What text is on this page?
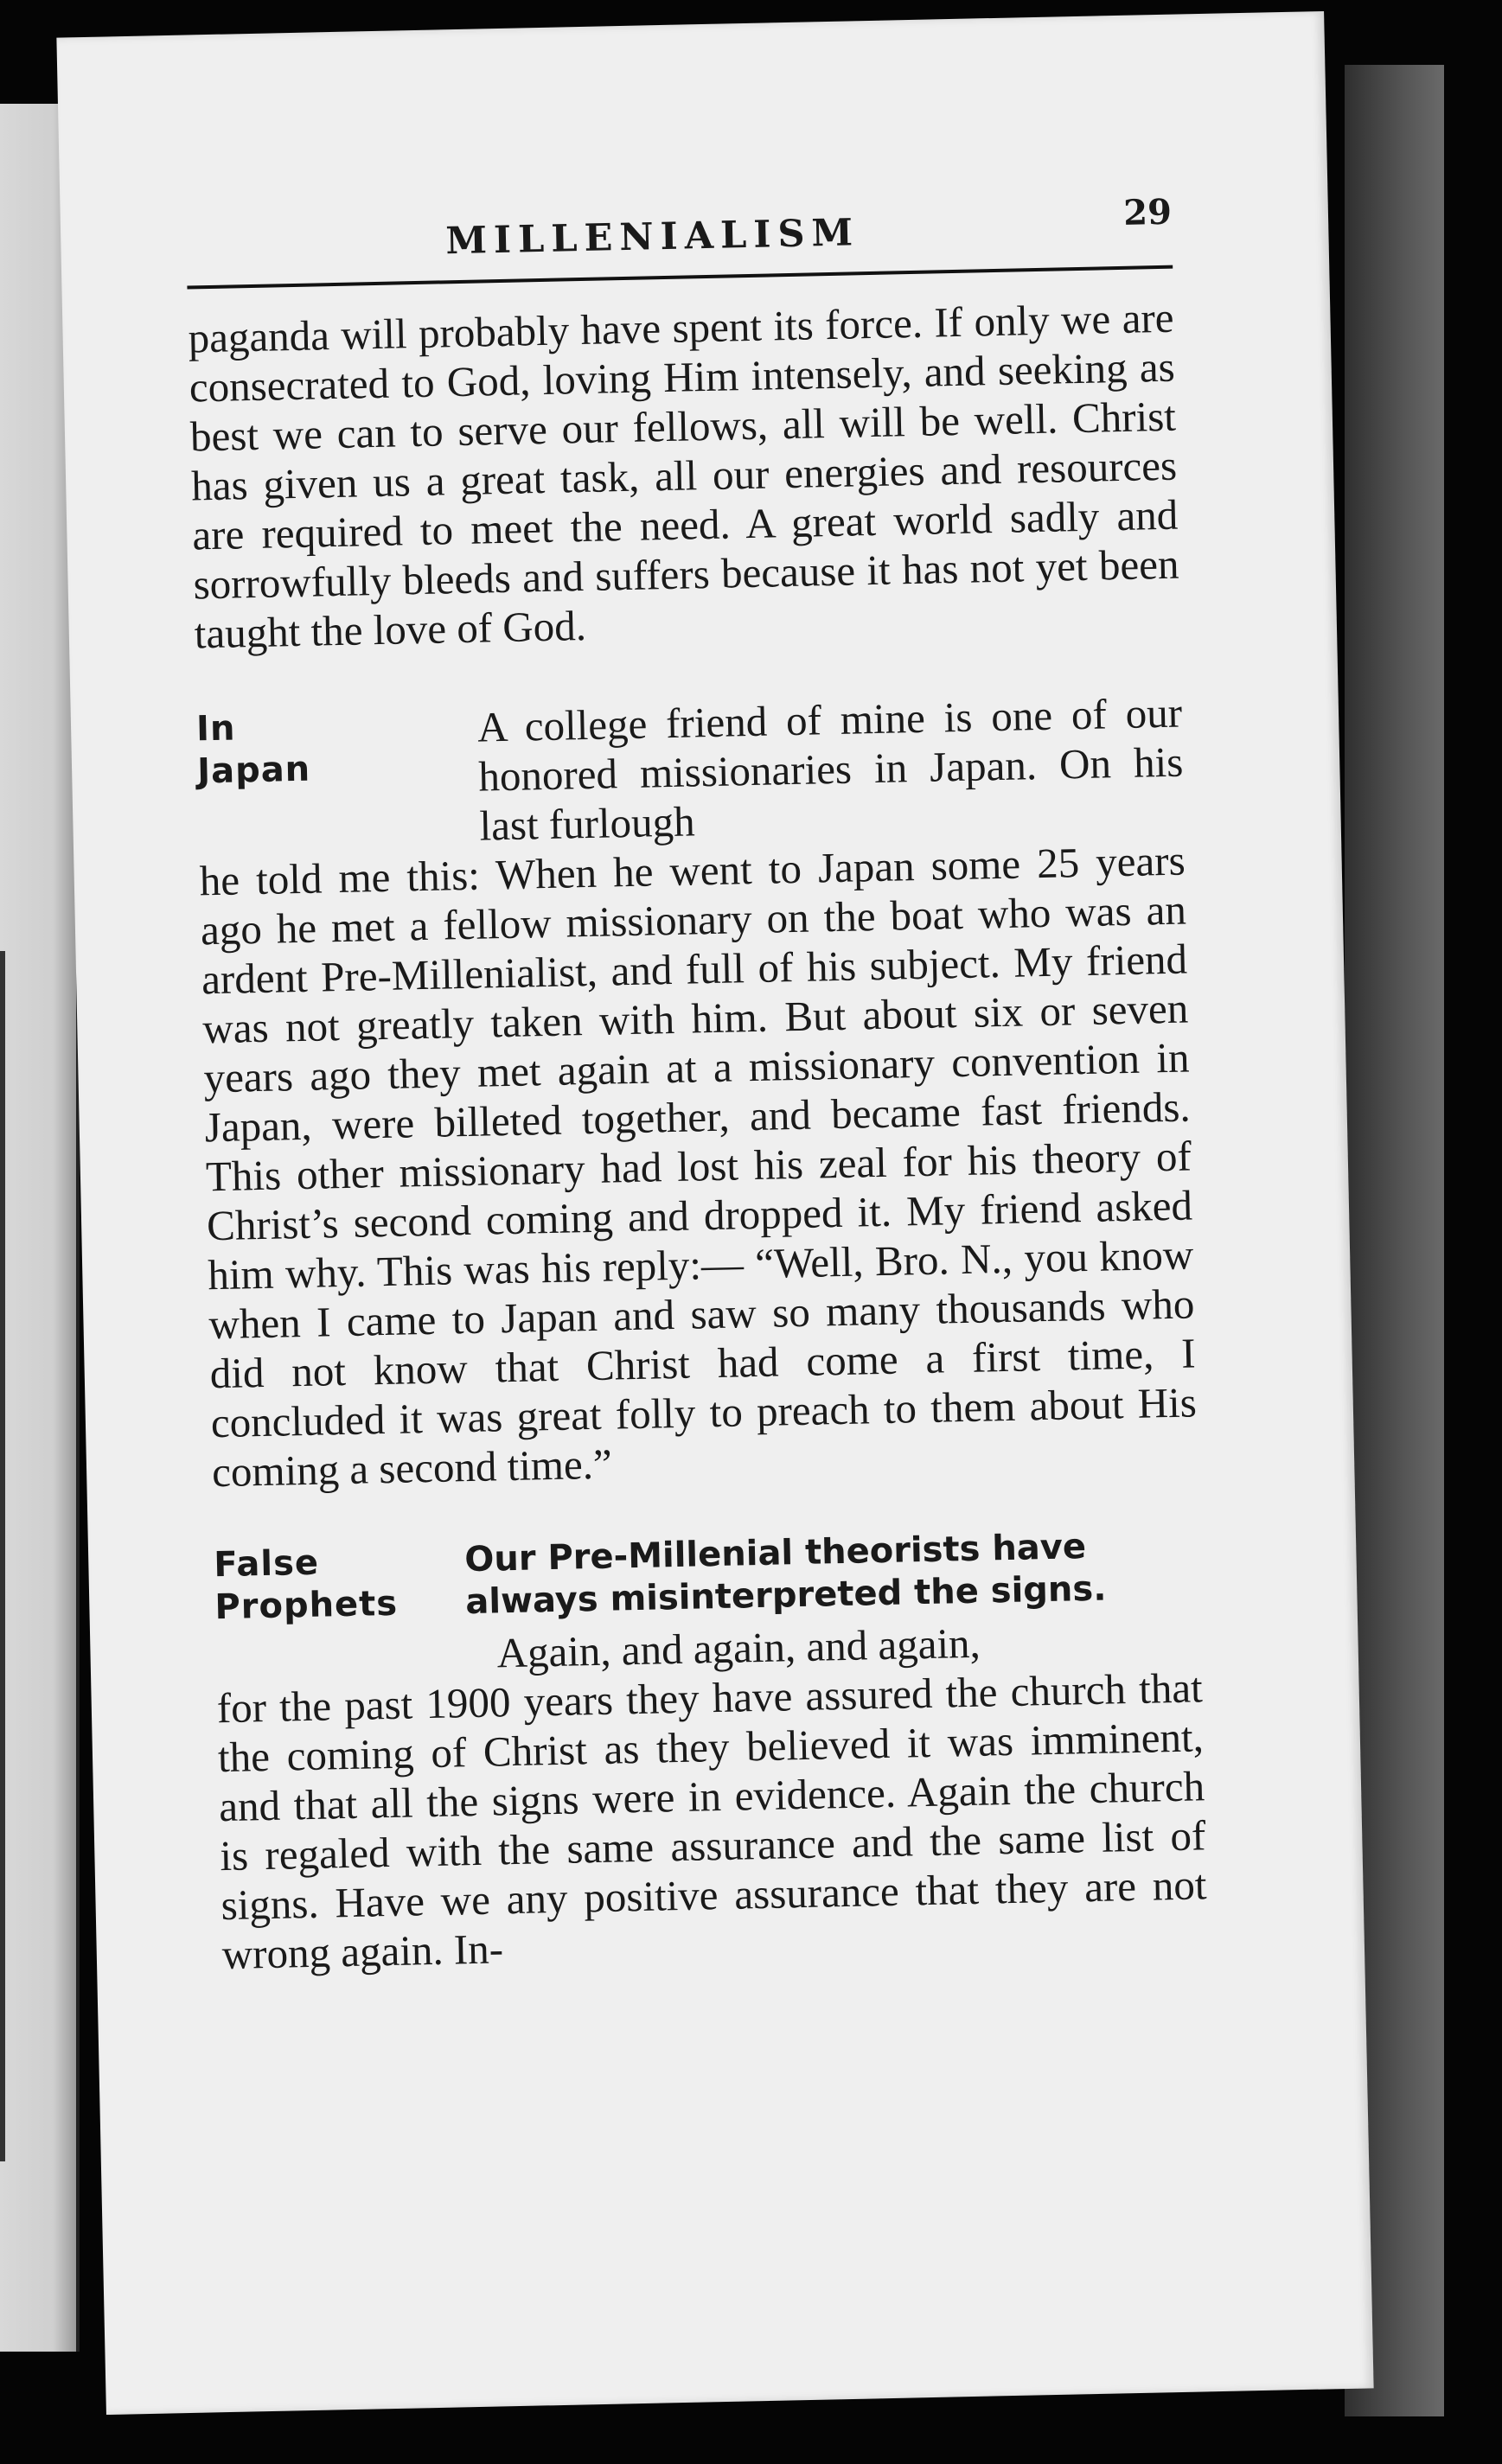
MILLENIALISM	29

paganda will probably have spent its force. If only we are consecrated to God, loving Him intensely, and seeking as best we can to serve our fellows, all will be well. Christ has given us a great task, all our energies and resources are required to meet the need. A great world sadly and sorrowfully bleeds and suffers because it has not yet been taught the love of God.

In
Japan

A college friend of mine is one of our honored missionaries in Japan. On his last furlough

he told me this: When he went to Japan some 25 years ago he met a fellow missionary on the boat who was an ardent Pre-Millenialist, and full of his subject. My friend was not greatly taken with him. But about six or seven years ago they met again at a missionary convention in Japan, were billeted together, and became fast friends. This other missionary had lost his zeal for his theory of Christ’s second coming and dropped it. My friend asked him why. This was his reply:— “Well, Bro. N., you know when I came to Japan and saw so many thousands who did not know that Christ had come a first time, I concluded it was great folly to preach to them about His coming a second time.”

False
Prophets
Our Pre-Millenial theorists have always misinterpreted the signs.

Again, and again, and again,

for the past 1900 years they have assured the church that the coming of Christ as they believed it was imminent, and that all the signs were in evidence. Again the church is regaled with the same assurance and the same list of signs. Have we any positive assurance that they are not wrong again. In-
